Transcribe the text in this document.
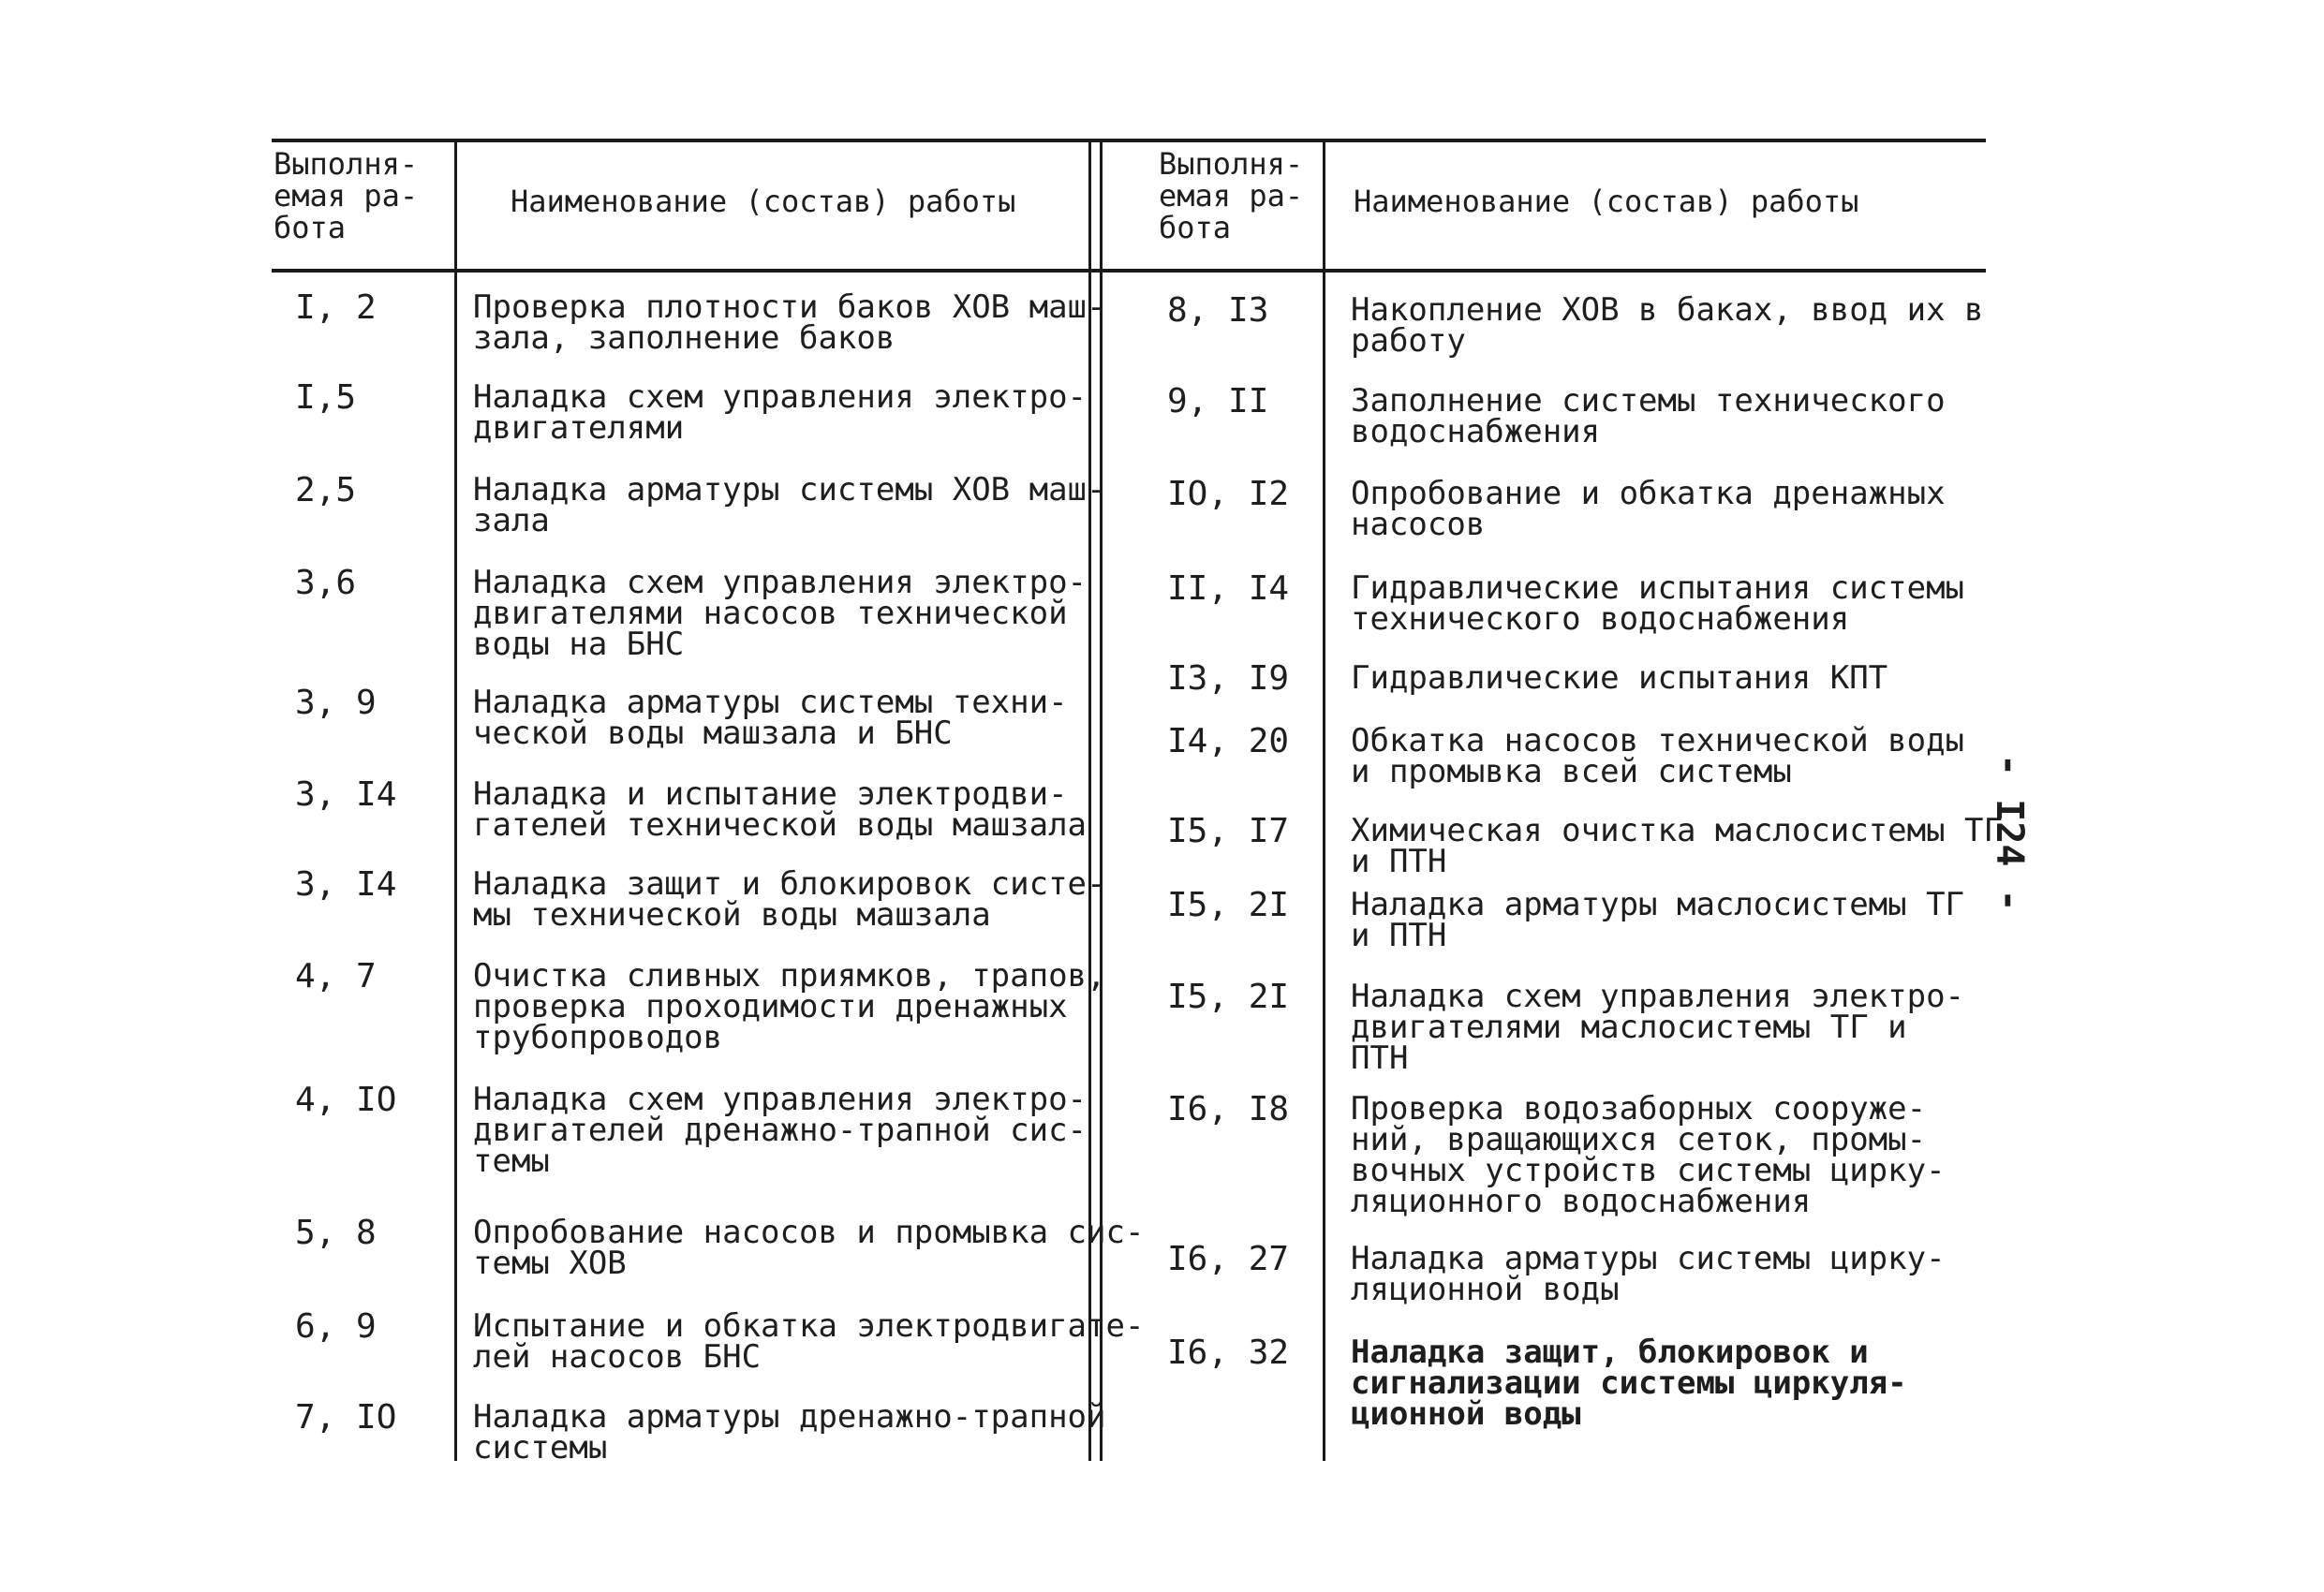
Выполня-
емая ра-
бота
Наименование (состав) работы
Выполня-
емая ра-
бота
Наименование (состав) работы
I, 2	Проверка плотности баков ХОВ маш-
зала, заполнение баков
I,5	Наладка схем управления электро-
двигателями
2,5	Наладка арматуры системы ХОВ маш-
зала
3,6	Наладка схем управления электро-
двигателями насосов технической
воды на БНС
3, 9	Наладка арматуры системы техни-
ческой воды машзала и БНС
3, I4 Наладка и испытание электродви-
гателей технической воды машзала
3, I4 Наладка защит и блокировок систе-
мы технической воды машзала
4, 7	Очистка сливных приямков, трапов,
проверка проходимости дренажных
трубопроводов
4, IO Наладка схем управления электро-
двигателей дренажно-трапной сис-
темы
5, 8	Опробование насосов и промывка сис-
темы ХОВ
6, 9	Испытание и обкатка электродвигате-
лей насосов БНС
7, IO Наладка арматуры дренажно-трапной
системы
8, I3	Накопление ХОВ в баках, ввод их в
работу
9, II	Заполнение системы технического
водоснабжения
IO, I2 Опробование и обкатка дренажных
насосов
II, I4 Гидравлические испытания системы
технического водоснабжения
I3, I9 Гидравлические испытания КПТ
I4, 20 Обкатка насосов технической воды
и промывка всей системы
I5, I7 Химическая очистка маслосистемы ТГ
и ПТН
I5, 2I Наладка арматуры маслосистемы ТГ
и ПТН
I5, 2I Наладка схем управления электро-
двигателями маслосистемы ТГ и
ПТН
I6, I8 Проверка водозаборных сооруже-
ний, вращающихся сеток, промы-
вочных устройств системы цирку-
ляционного водоснабжения
I6, 27 Наладка арматуры системы цирку-
ляционной воды
I6, 32 Наладка защит, блокировок и
сигнализации системы циркуля-
ционной воды
- I24 -
